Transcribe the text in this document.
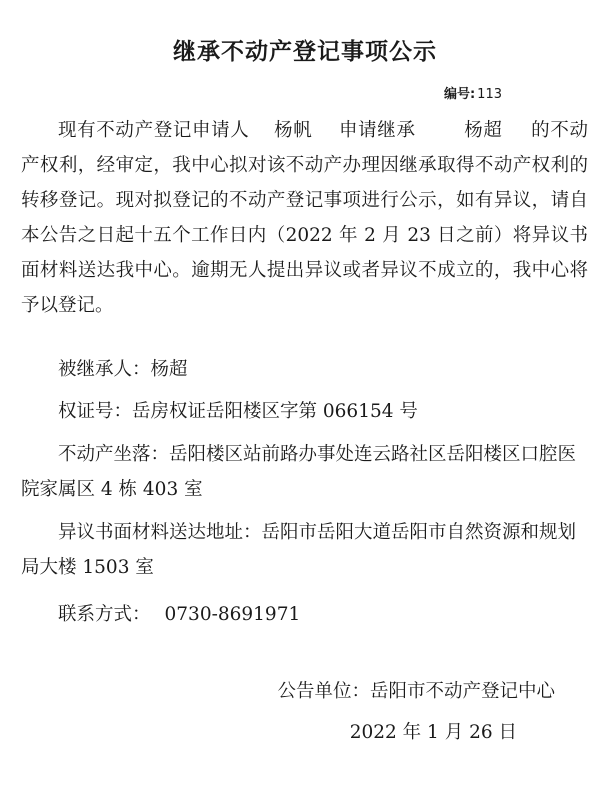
继承不动产登记事项公示
编号: 113

现有不动产登记申请人 杨帆 申请继承	杨超 的不动产权利，经审定，我中心拟对该不动产办理因继承取得不动产权利的转移登记。现对拟登记的不动产登记事项进行公示，如有异议，请自本公告之日起十五个工作日内（2022 年 2 月 23 日之前）将异议书面材料送达我中心。逾期无人提出异议或者异议不成立的，我中心将予以登记。

被继承人：杨超

权证号：岳房权证岳阳楼区字第 066154 号

不动产坐落：岳阳楼区站前路办事处连云路社区岳阳楼区口腔医院家属区 4 栋 403 室

异议书面材料送达地址：岳阳市岳阳大道岳阳市自然资源和规划局大楼 1503 室

联系方式： 0730-8691971

公告单位：岳阳市不动产登记中心
2022 年 1 月 26 日
